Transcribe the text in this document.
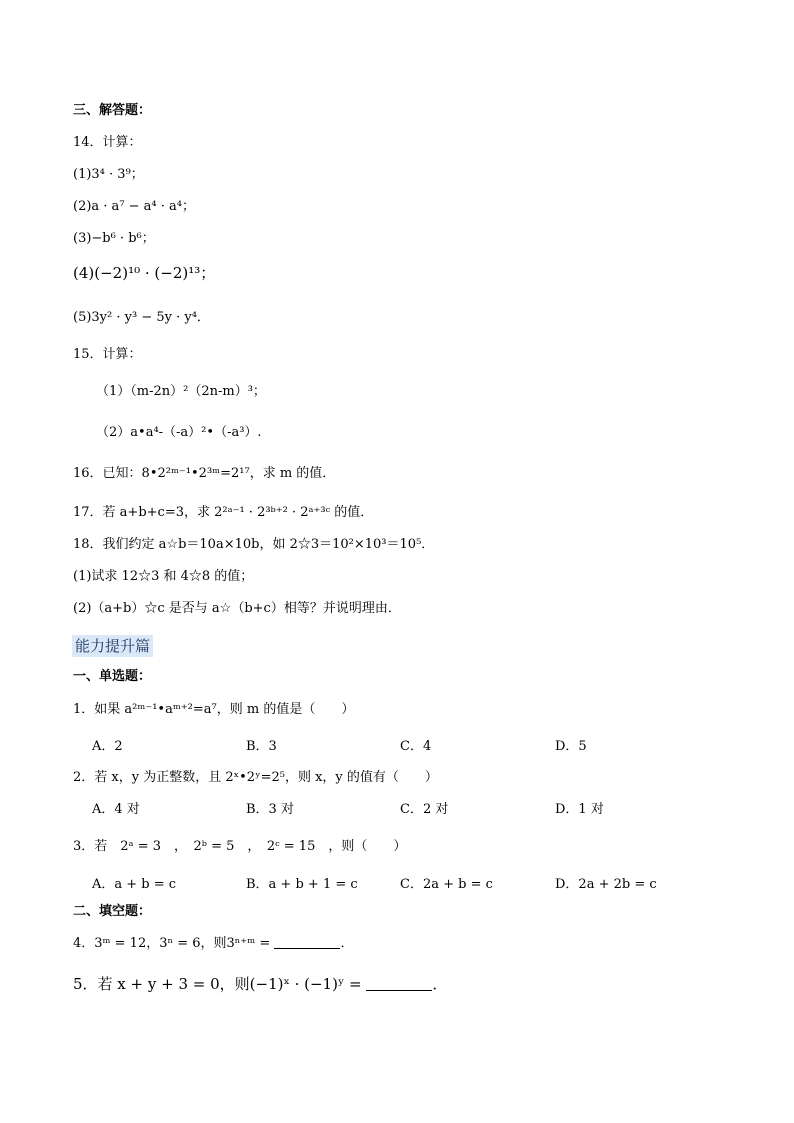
三、解答题：
14．计算：
(1)3⁴ · 3⁹；
(2)a · a⁷ − a⁴ · a⁴；
(3)−b⁶ · b⁶；
(4)(−2)¹⁰ · (−2)¹³；
(5)3y² · y³ − 5y · y⁴．
15．计算：
（1）（m-2n）²（2n-m）³；
（2）a•a⁴-（-a）²•（-a³）.
16．已知：8•2²ᵐ⁻¹•2³ᵐ=2¹⁷，求 m 的值．
17．若 a+b+c=3，求 2²ᵃ⁻¹ · 2³ᵇ⁺² · 2ᵃ⁺³ᶜ 的值．
18．我们约定 a☆b＝10a×10b，如 2☆3＝10²×10³＝10⁵．
(1)试求 12☆3 和 4☆8 的值；
(2)（a+b）☆c 是否与 a☆（b+c）相等？并说明理由．
能力提升篇
一、单选题：
1．如果 a²ᵐ⁻¹•aᵐ⁺²=a⁷，则 m 的值是（　　）
A．2	B．3	C．4	D．5
2．若 x，y 为正整数，且 2ˣ•2ʸ=2⁵，则 x，y 的值有（　　）
A．4 对	B．3 对	C．2 对	D．1 对
3．若　2ᵃ = 3　，　2ᵇ = 5　，　2ᶜ = 15　，则（　　）
A．a + b = c	B．a + b + 1 = c	C．2a + b = c	D．2a + 2b = c
二、填空题：
4．3ᵐ = 12，3ⁿ = 6，则3ⁿ⁺ᵐ =	．
5．若 x + y + 3 = 0，则(−1)ˣ · (−1)ʸ =	．
